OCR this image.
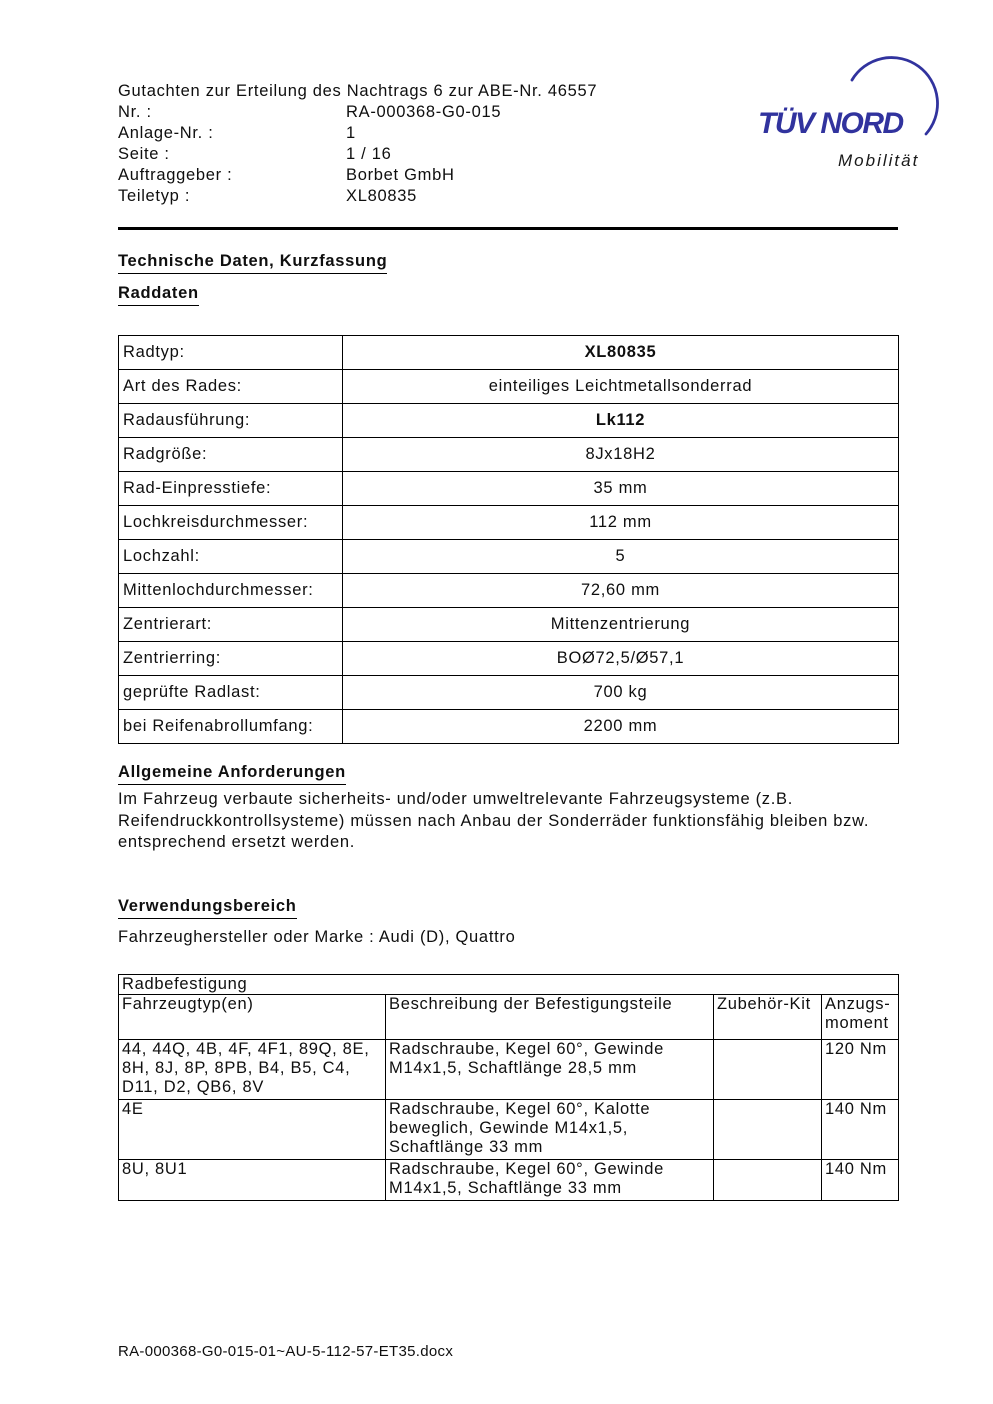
Gutachten zur Erteilung des Nachtrags 6 zur ABE-Nr. 46557
Nr. :	RA-000368-G0-015
Anlage-Nr. :	1
Seite :	1 / 16
Auftraggeber :	Borbet GmbH
Teiletyp :	XL80835
TÜV NORD
Mobilität
Technische Daten, Kurzfassung
Raddaten
Radtyp:	XL80835
Art des Rades:	einteiliges Leichtmetallsonderrad
Radausführung:	Lk112
Radgröße:	8Jx18H2
Rad-Einpresstiefe:	35 mm
Lochkreisdurchmesser:	112 mm
Lochzahl:	5
Mittenlochdurchmesser:	72,60 mm
Zentrierart:	Mittenzentrierung
Zentrierring:	BOØ72,5/Ø57,1
geprüfte Radlast:	700 kg
bei Reifenabrollumfang:	2200 mm
Allgemeine Anforderungen
Im Fahrzeug verbaute sicherheits- und/oder umweltrelevante Fahrzeugsysteme (z.B. Reifendruckkontrollsysteme) müssen nach Anbau der Sonderräder funktionsfähig bleiben bzw. entsprechend ersetzt werden.
Verwendungsbereich
Fahrzeughersteller oder Marke : Audi (D), Quattro
Radbefestigung			
Fahrzeugtyp(en)	Beschreibung der Befestigungsteile	Zubehör-Kit	Anzugs-moment
44, 44Q, 4B, 4F, 4F1, 89Q, 8E, 8H, 8J, 8P, 8PB, B4, B5, C4, D11, D2, QB6, 8V	Radschraube, Kegel 60°, Gewinde M14x1,5, Schaftlänge 28,5 mm		120 Nm
4E	Radschraube, Kegel 60°, Kalotte beweglich, Gewinde M14x1,5, Schaftlänge 33 mm		140 Nm
8U, 8U1	Radschraube, Kegel 60°, Gewinde M14x1,5, Schaftlänge 33 mm		140 Nm
RA-000368-G0-015-01~AU-5-112-57-ET35.docx
